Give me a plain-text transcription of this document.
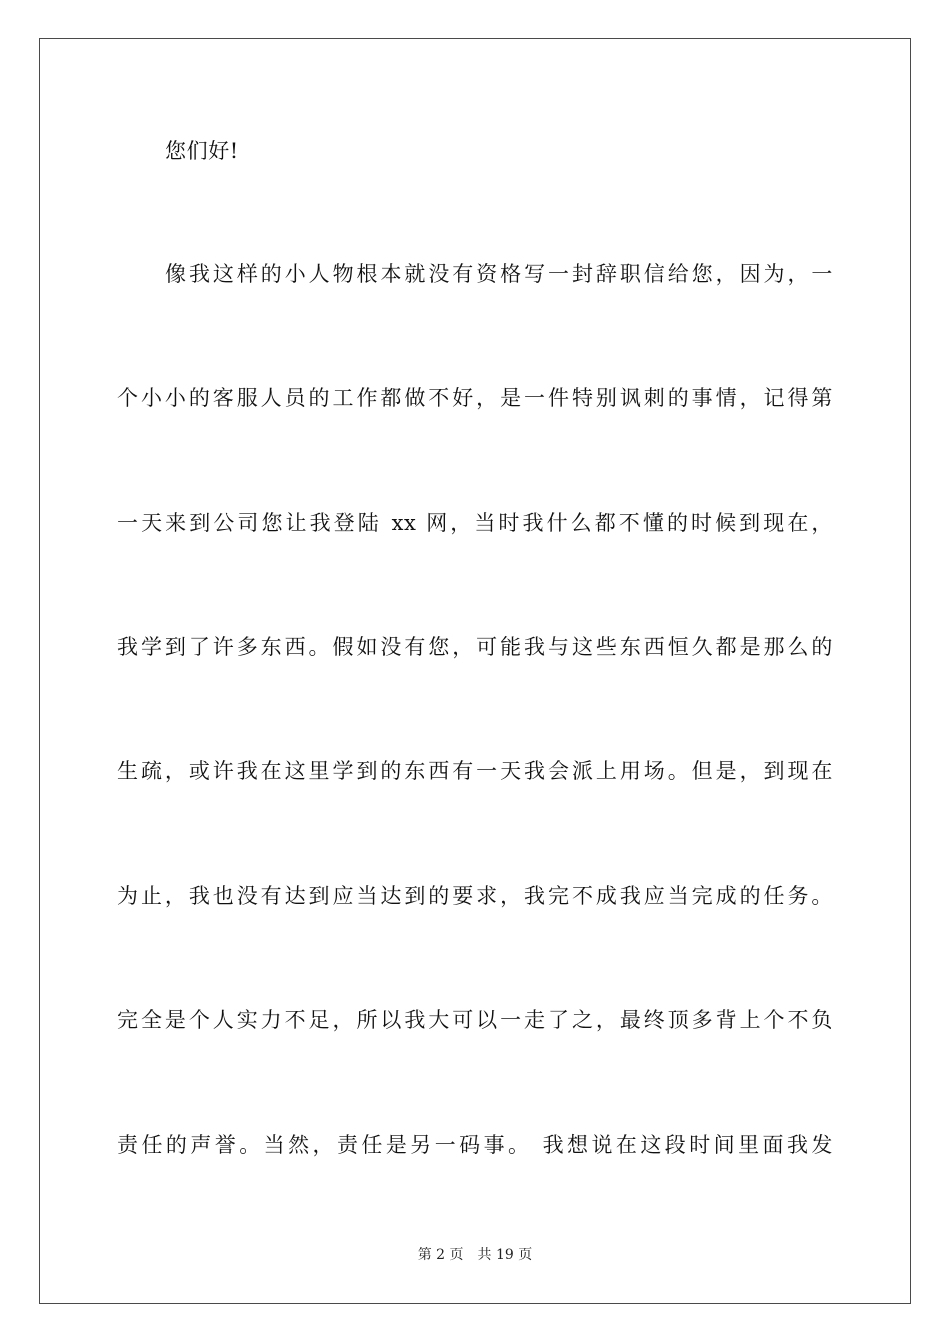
您们好!
像我这样的小人物根本就没有资格写一封辞职信给您，因为，一
个小小的客服人员的工作都做不好，是一件特别讽刺的事情，记得第
一天来到公司您让我登陆 xx 网，当时我什么都不懂的时候到现在，
我学到了许多东西。假如没有您，可能我与这些东西恒久都是那么的
生疏，或许我在这里学到的东西有一天我会派上用场。但是，到现在
为止，我也没有达到应当达到的要求，我完不成我应当完成的任务。
完全是个人实力不足，所以我大可以一走了之，最终顶多背上个不负
责任的声誉。当然，责任是另一码事。 我想说在这段时间里面我发
第 2 页 共 19 页
